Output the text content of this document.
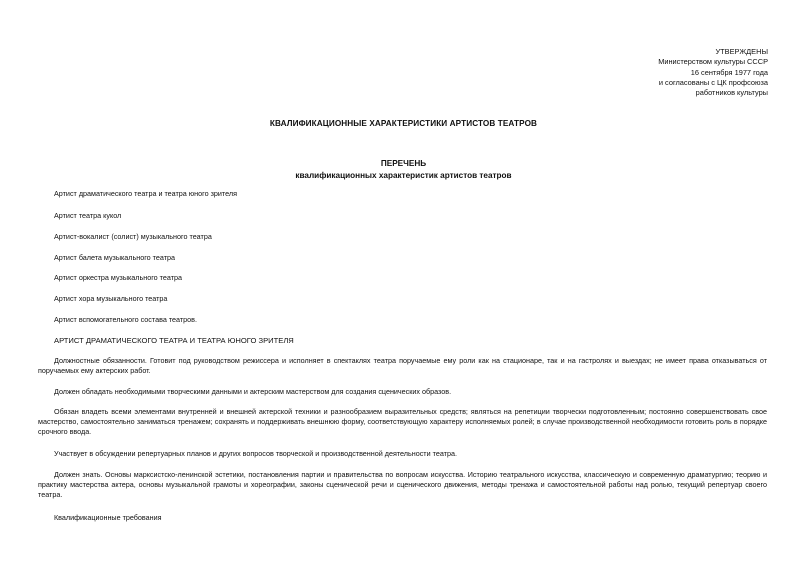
УТВЕРЖДЕНЫ
Министерством культуры СССР
16 сентября 1977 года
и согласованы с ЦК профсоюза
работников культуры
КВАЛИФИКАЦИОННЫЕ ХАРАКТЕРИСТИКИ АРТИСТОВ ТЕАТРОВ
ПЕРЕЧЕНЬ
квалификационных характеристик артистов театров
Артист драматического театра и театра юного зрителя
Артист театра кукол
Артист-вокалист (солист) музыкального театра
Артист балета музыкального театра
Артист оркестра музыкального театра
Артист хора музыкального театра
Артист вспомогательного состава театров.
АРТИСТ ДРАМАТИЧЕСКОГО ТЕАТРА И ТЕАТРА ЮНОГО ЗРИТЕЛЯ
Должностные обязанности. Готовит под руководством режиссера и исполняет в спектаклях театра поручаемые ему роли как на стационаре, так и на гастролях и выездах; не имеет права отказываться от поручаемых ему актерских работ.
Должен обладать необходимыми творческими данными и актерским мастерством для создания сценических образов.
Обязан владеть всеми элементами внутренней и внешней актерской техники и разнообразием выразительных средств; являться на репетиции творчески подготовленным; постоянно совершенствовать свое мастерство, самостоятельно заниматься тренажем; сохранять и поддерживать внешнюю форму, соответствующую характеру исполняемых ролей; в случае производственной необходимости готовить роль в порядке срочного ввода.
Участвует в обсуждении репертуарных планов и других вопросов творческой и производственной деятельности театра.
Должен знать. Основы марксистско-ленинской эстетики, постановления партии и правительства по вопросам искусства. Историю театрального искусства, классическую и современную драматургию; теорию и практику мастерства актера, основы музыкальной грамоты и хореографии, законы сценической речи и сценического движения, методы тренажа и самостоятельной работы над ролью, текущий репертуар своего театра.
Квалификационные требования
